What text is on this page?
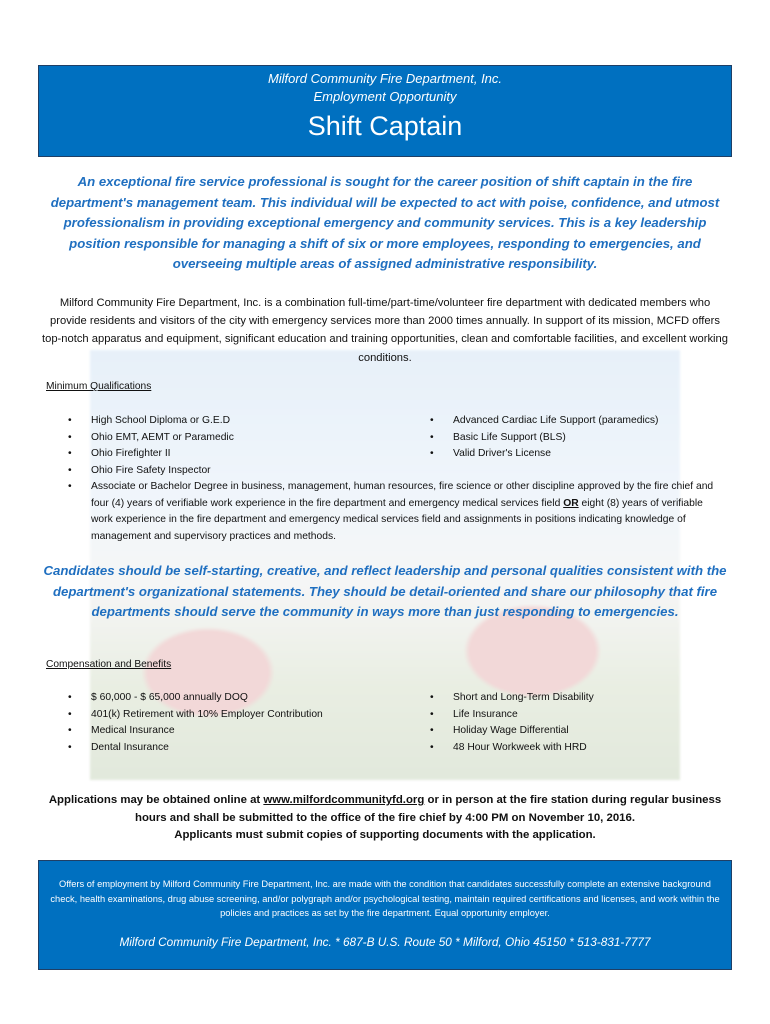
Milford Community Fire Department, Inc.
Employment Opportunity
Shift Captain
An exceptional fire service professional is sought for the career position of shift captain in the fire department's management team. This individual will be expected to act with poise, confidence, and utmost professionalism in providing exceptional emergency and community services. This is a key leadership position responsible for managing a shift of six or more employees, responding to emergencies, and overseeing multiple areas of assigned administrative responsibility.
Milford Community Fire Department, Inc. is a combination full-time/part-time/volunteer fire department with dedicated members who provide residents and visitors of the city with emergency services more than 2000 times annually. In support of its mission, MCFD offers top-notch apparatus and equipment, significant education and training opportunities, clean and comfortable facilities, and excellent working conditions.
Minimum Qualifications
• High School Diploma or G.E.D
• Ohio EMT, AEMT or Paramedic
• Ohio Firefighter II
• Ohio Fire Safety Inspector
• Advanced Cardiac Life Support (paramedics)
• Basic Life Support (BLS)
• Valid Driver's License
• Associate or Bachelor Degree in business, management, human resources, fire science or other discipline approved by the fire chief and four (4) years of verifiable work experience in the fire department and emergency medical services field OR eight (8) years of verifiable work experience in the fire department and emergency medical services field and assignments in positions indicating knowledge of management and supervisory practices and methods.
Candidates should be self-starting, creative, and reflect leadership and personal qualities consistent with the department's organizational statements. They should be detail-oriented and share our philosophy that fire departments should serve the community in ways more than just responding to emergencies.
Compensation and Benefits
• $ 60,000 - $ 65,000 annually DOQ
• 401(k) Retirement with 10% Employer Contribution
• Medical Insurance
• Dental Insurance
• Short and Long-Term Disability
• Life Insurance
• Holiday Wage Differential
• 48 Hour Workweek with HRD
Applications may be obtained online at www.milfordcommunityfd.org or in person at the fire station during regular business hours and shall be submitted to the office of the fire chief by 4:00 PM on November 10, 2016.
Applicants must submit copies of supporting documents with the application.
Offers of employment by Milford Community Fire Department, Inc. are made with the condition that candidates successfully complete an extensive background check, health examinations, drug abuse screening, and/or polygraph and/or psychological testing, maintain required certifications and licenses, and work within the policies and practices as set by the fire department. Equal opportunity employer.
Milford Community Fire Department, Inc. * 687-B U.S. Route 50 * Milford, Ohio 45150 * 513-831-7777
